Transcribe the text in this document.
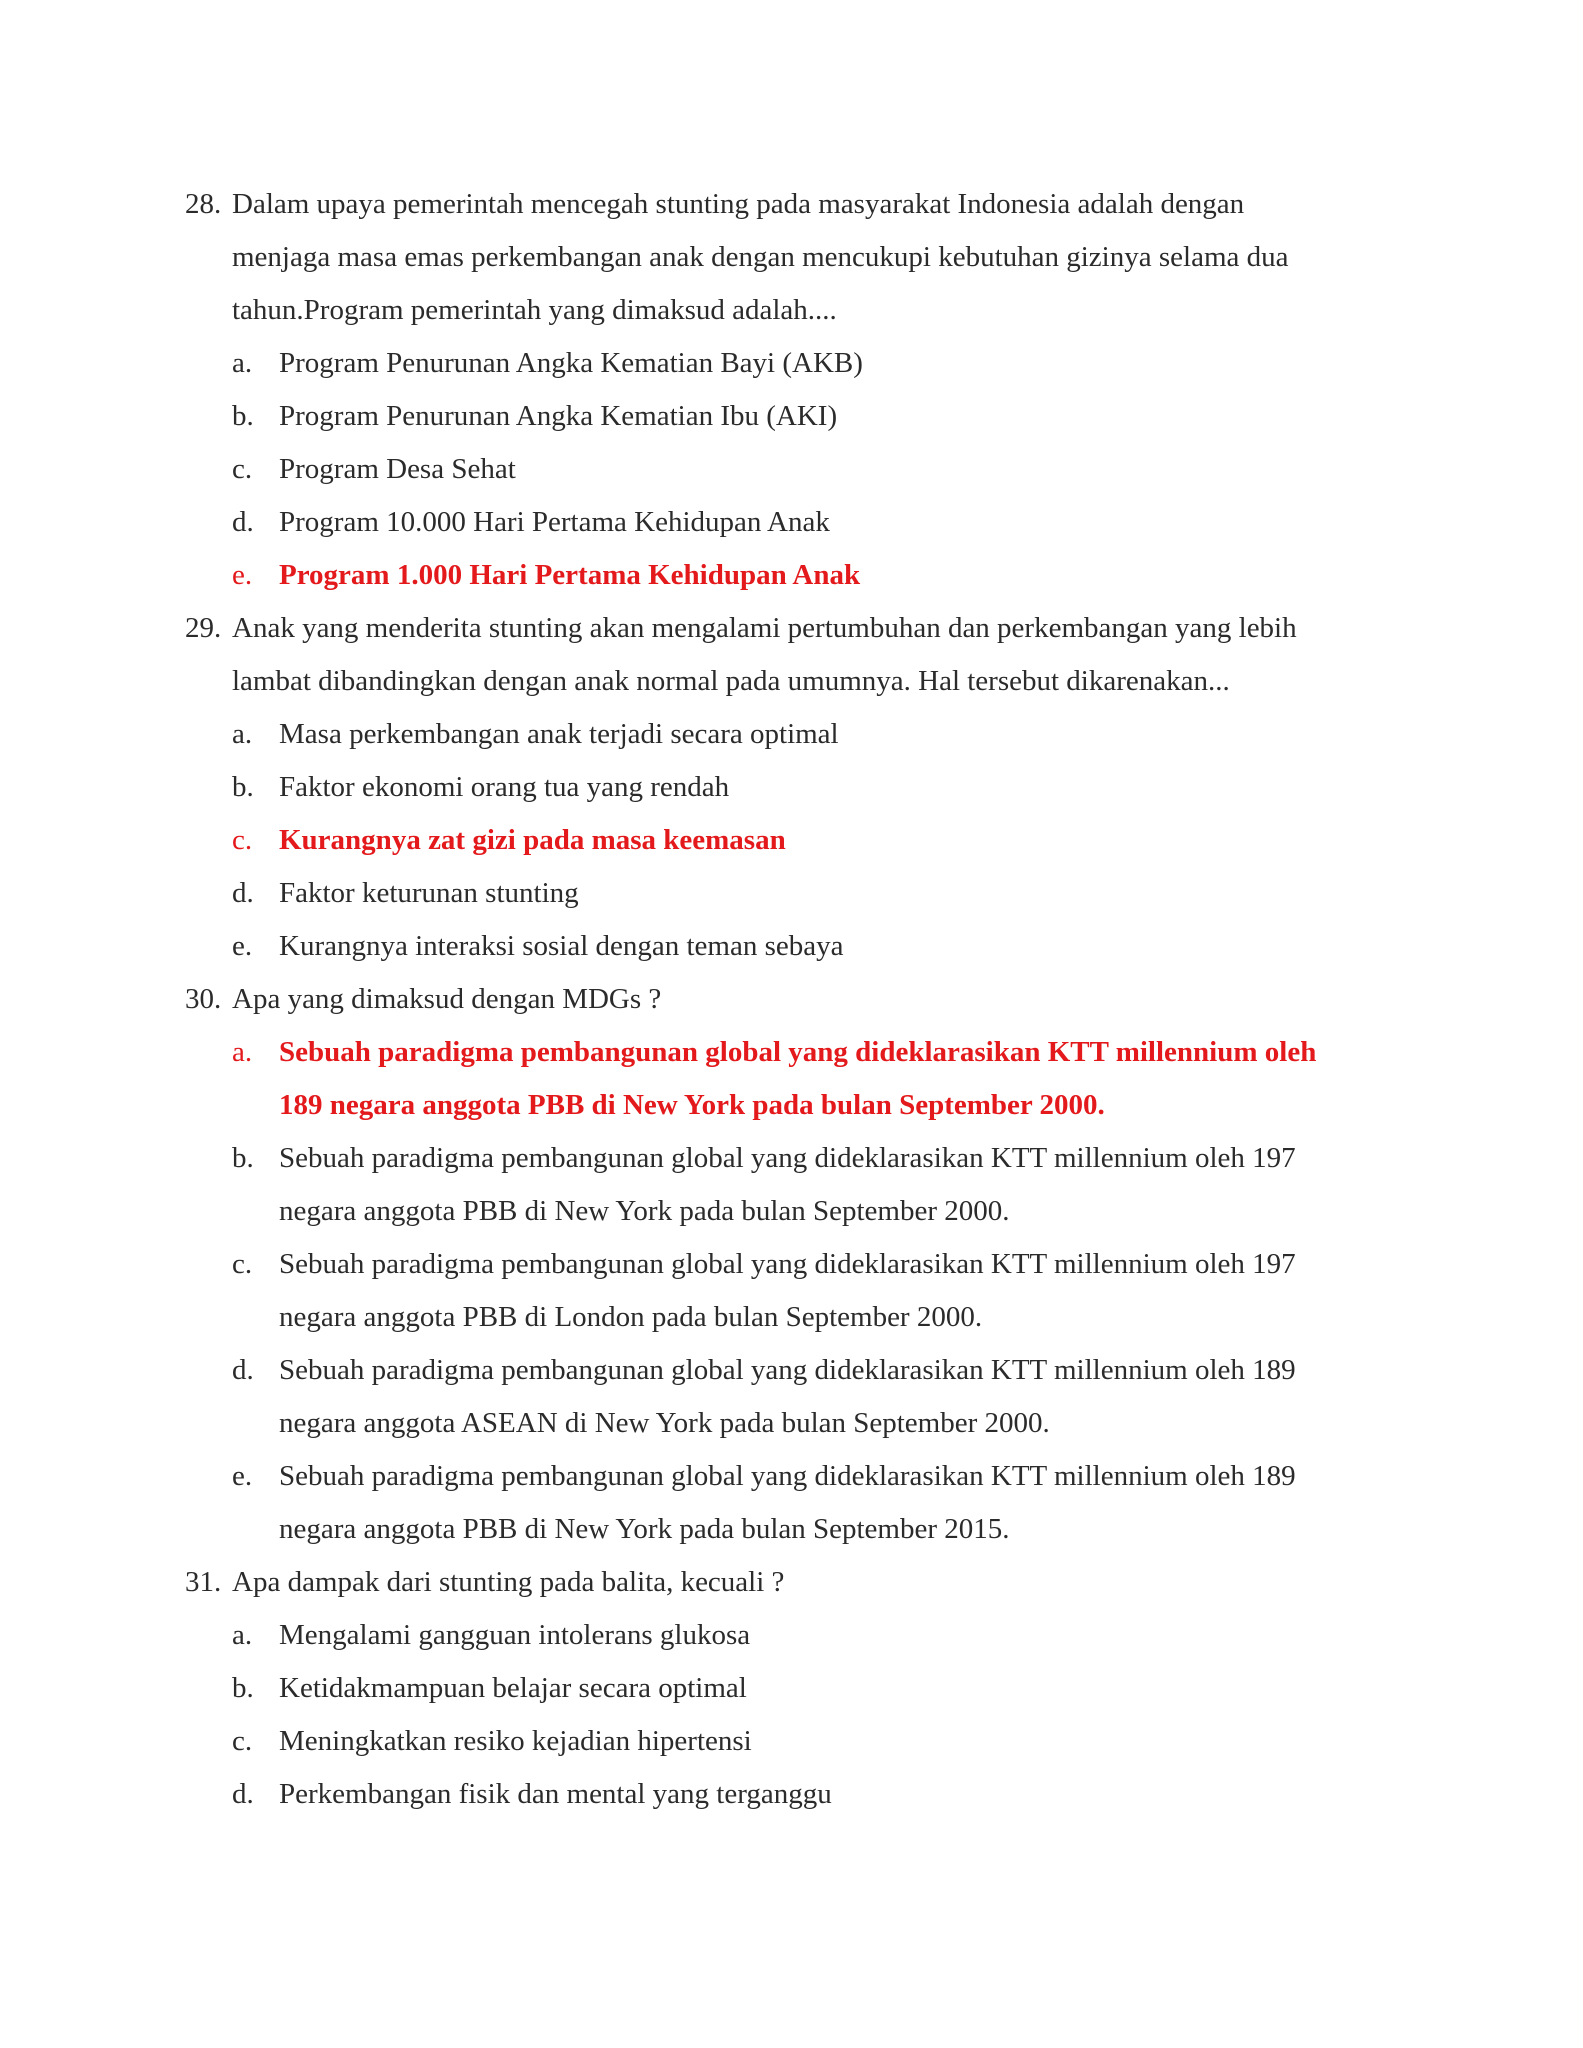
28. Dalam upaya pemerintah mencegah stunting pada masyarakat Indonesia adalah dengan
menjaga masa emas perkembangan anak dengan mencukupi kebutuhan gizinya selama dua
tahun.Program pemerintah yang dimaksud adalah....
a. Program Penurunan Angka Kematian Bayi (AKB)
b. Program Penurunan Angka Kematian Ibu (AKI)
c. Program Desa Sehat
d. Program 10.000 Hari Pertama Kehidupan Anak
e. Program 1.000 Hari Pertama Kehidupan Anak
29. Anak yang menderita stunting akan mengalami pertumbuhan dan perkembangan yang lebih
lambat dibandingkan dengan anak normal pada umumnya. Hal tersebut dikarenakan...
a. Masa perkembangan anak terjadi secara optimal
b. Faktor ekonomi orang tua yang rendah
c. Kurangnya zat gizi pada masa keemasan
d. Faktor keturunan stunting
e. Kurangnya interaksi sosial dengan teman sebaya
30. Apa yang dimaksud dengan MDGs ?
a. Sebuah paradigma pembangunan global yang dideklarasikan KTT millennium oleh
189 negara anggota PBB di New York pada bulan September 2000.
b. Sebuah paradigma pembangunan global yang dideklarasikan KTT millennium oleh 197
negara anggota PBB di New York pada bulan September 2000.
c. Sebuah paradigma pembangunan global yang dideklarasikan KTT millennium oleh 197
negara anggota PBB di London pada bulan September 2000.
d. Sebuah paradigma pembangunan global yang dideklarasikan KTT millennium oleh 189
negara anggota ASEAN di New York pada bulan September 2000.
e. Sebuah paradigma pembangunan global yang dideklarasikan KTT millennium oleh 189
negara anggota PBB di New York pada bulan September 2015.
31. Apa dampak dari stunting pada balita, kecuali ?
a. Mengalami gangguan intolerans glukosa
b. Ketidakmampuan belajar secara optimal
c. Meningkatkan resiko kejadian hipertensi
d. Perkembangan fisik dan mental yang terganggu
